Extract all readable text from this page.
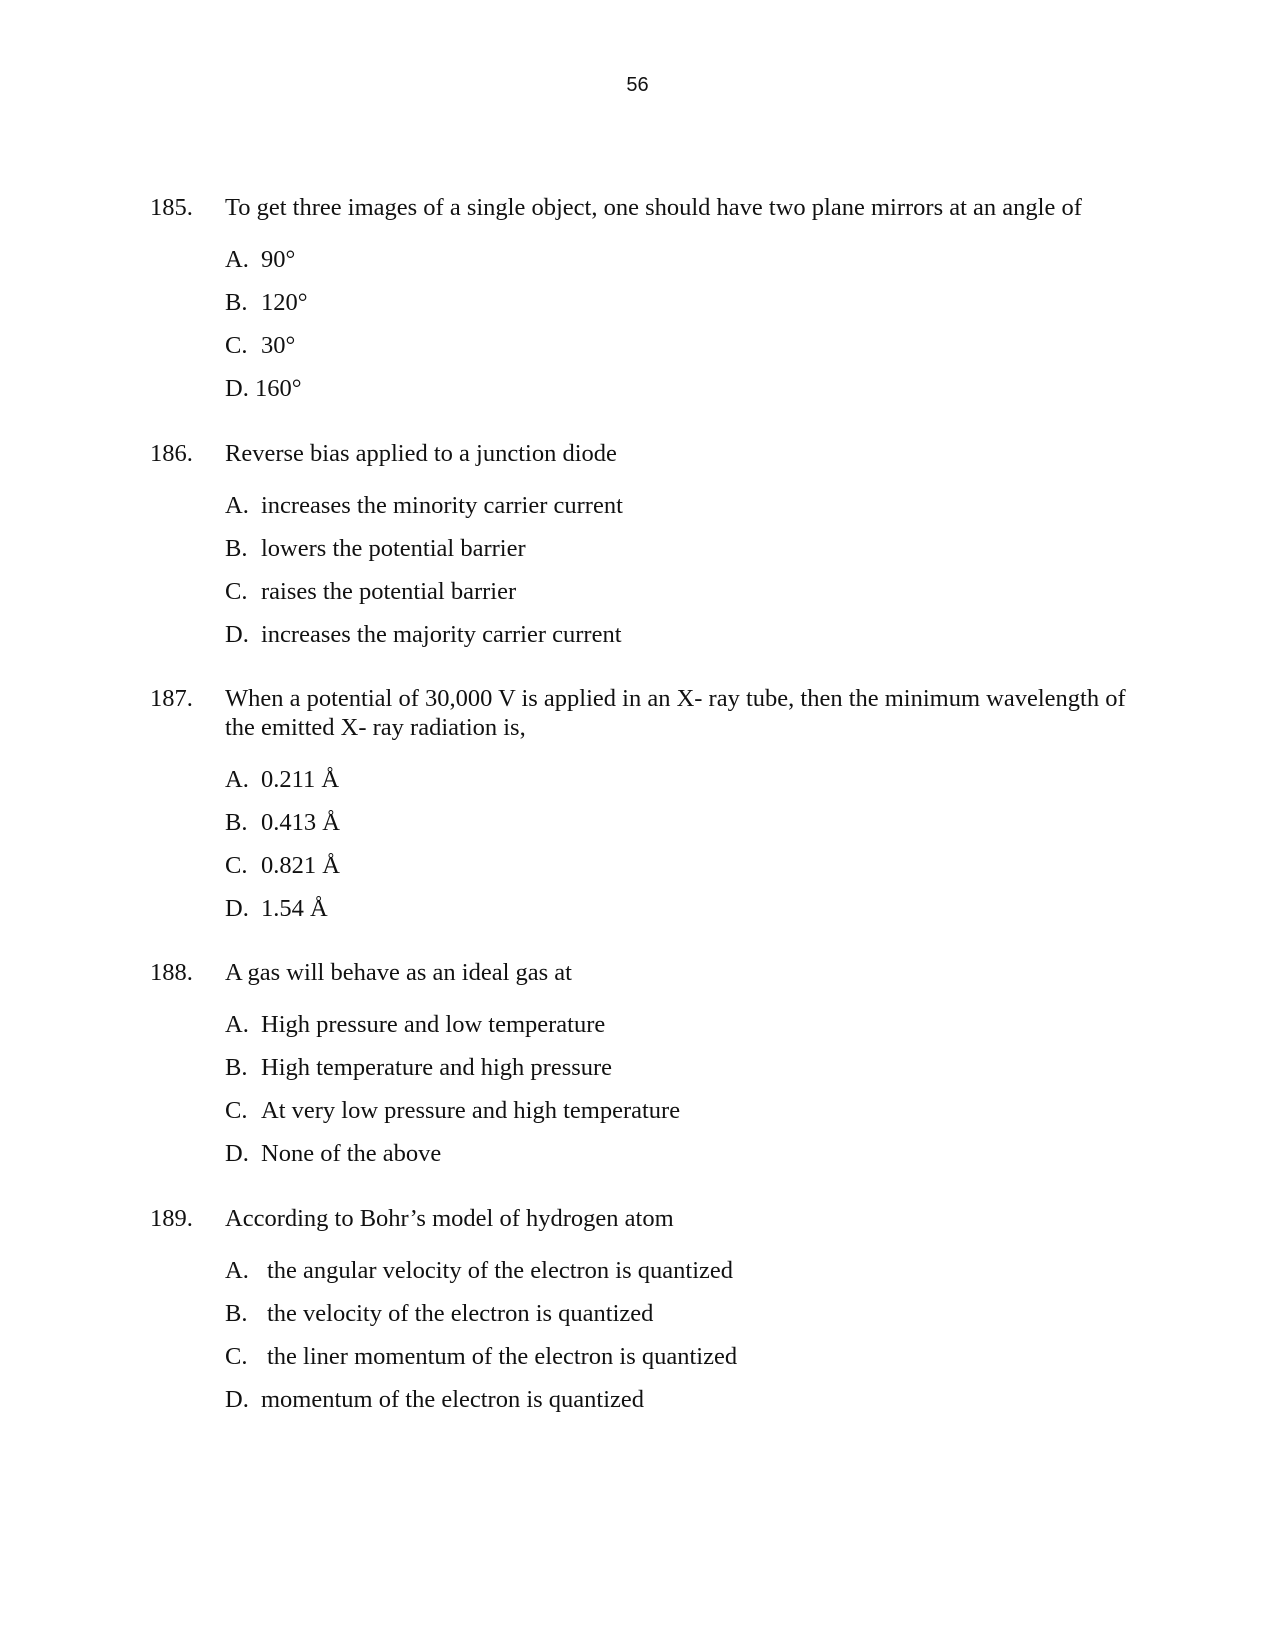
56
185.	To get three images of a single object, one should have two plane mirrors at an angle of
A. 90°
B. 120°
C. 30°
D. 160°
186.	Reverse bias applied to a junction diode
A. increases the minority carrier current
B. lowers the potential barrier
C. raises the potential barrier
D. increases the majority carrier current
187.	When a potential of 30,000 V is applied in an X- ray tube, then the minimum wavelength of the emitted X- ray radiation is,
A. 0.211 Å
B. 0.413 Å
C. 0.821 Å
D. 1.54 Å
188.	A gas will behave as an ideal gas at
A. High pressure and low temperature
B. High temperature and high pressure
C. At very low pressure and high temperature
D. None of the above
189.	According to Bohr’s model of hydrogen atom
A. the angular velocity of the electron is quantized
B. the velocity of the electron is quantized
C. the liner momentum of the electron is quantized
D. momentum of the electron is quantized
